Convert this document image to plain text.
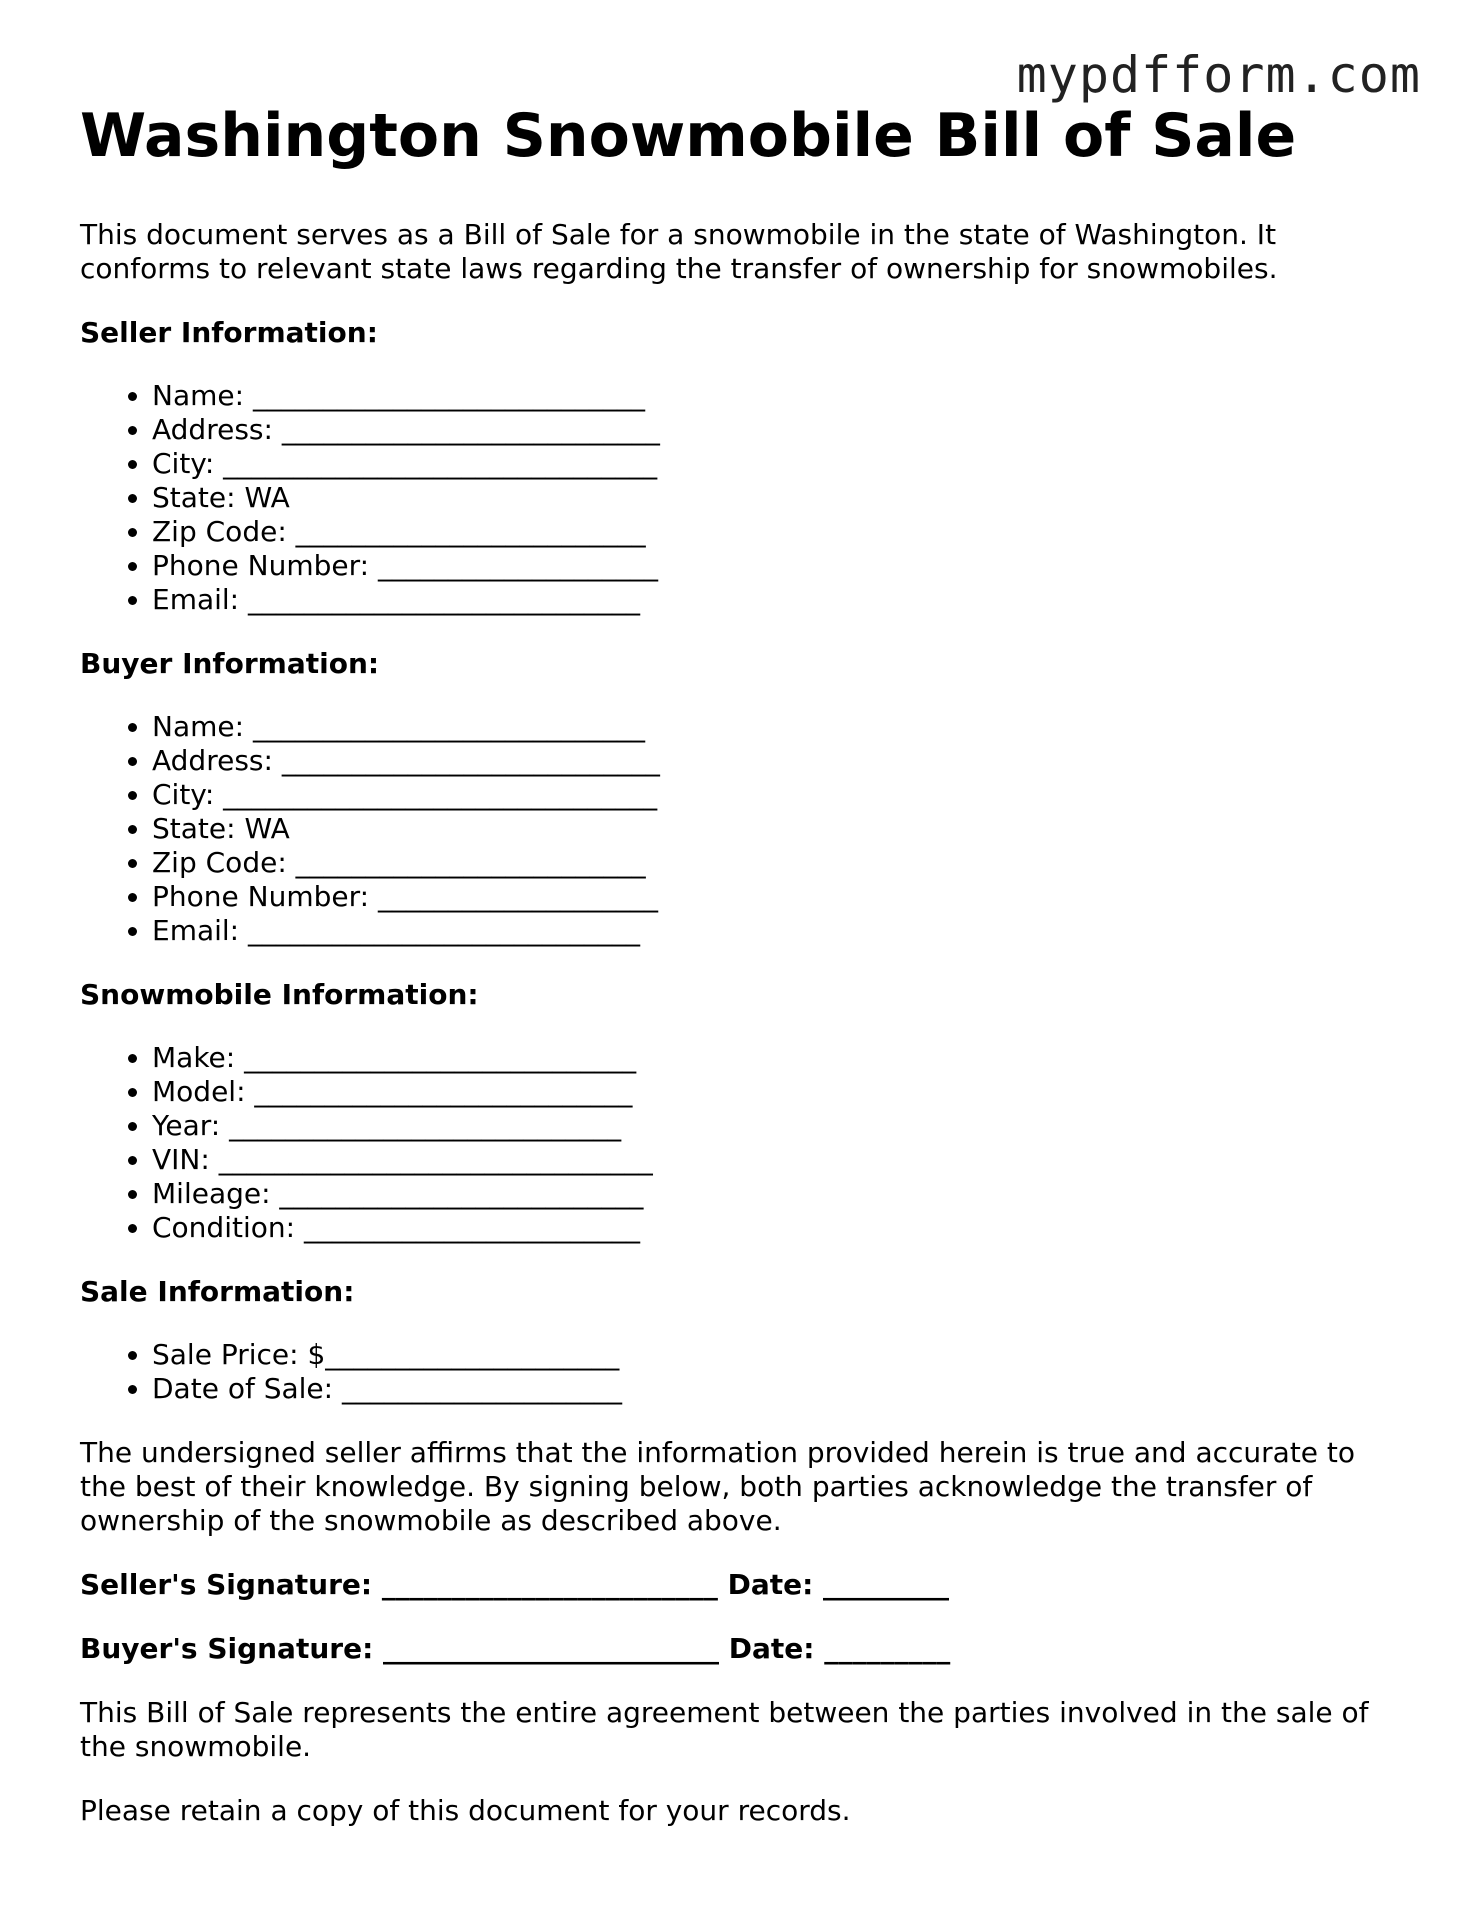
mypdfform.com
Washington Snowmobile Bill of Sale

This document serves as a Bill of Sale for a snowmobile in the state of Washington. It conforms to relevant state laws regarding the transfer of ownership for snowmobiles.

Seller Information:
• Name: ____________________________
• Address: ___________________________
• City: _______________________________
• State: WA
• Zip Code: _________________________
• Phone Number: ____________________
• Email: ____________________________
Buyer Information:
• Name: ____________________________
• Address: ___________________________
• City: _______________________________
• State: WA
• Zip Code: _________________________
• Phone Number: ____________________
• Email: ____________________________
Snowmobile Information:
• Make: ____________________________
• Model: ___________________________
• Year: ____________________________
• VIN: _______________________________
• Mileage: __________________________
• Condition: ________________________
Sale Information:
• Sale Price: $_____________________
• Date of Sale: ____________________

The undersigned seller affirms that the information provided herein is true and accurate to the best of their knowledge. By signing below, both parties acknowledge the transfer of ownership of the snowmobile as described above.

Seller's Signature: ________________________ Date: _________
Buyer's Signature: ________________________ Date: _________

This Bill of Sale represents the entire agreement between the parties involved in the sale of the snowmobile.

Please retain a copy of this document for your records.
